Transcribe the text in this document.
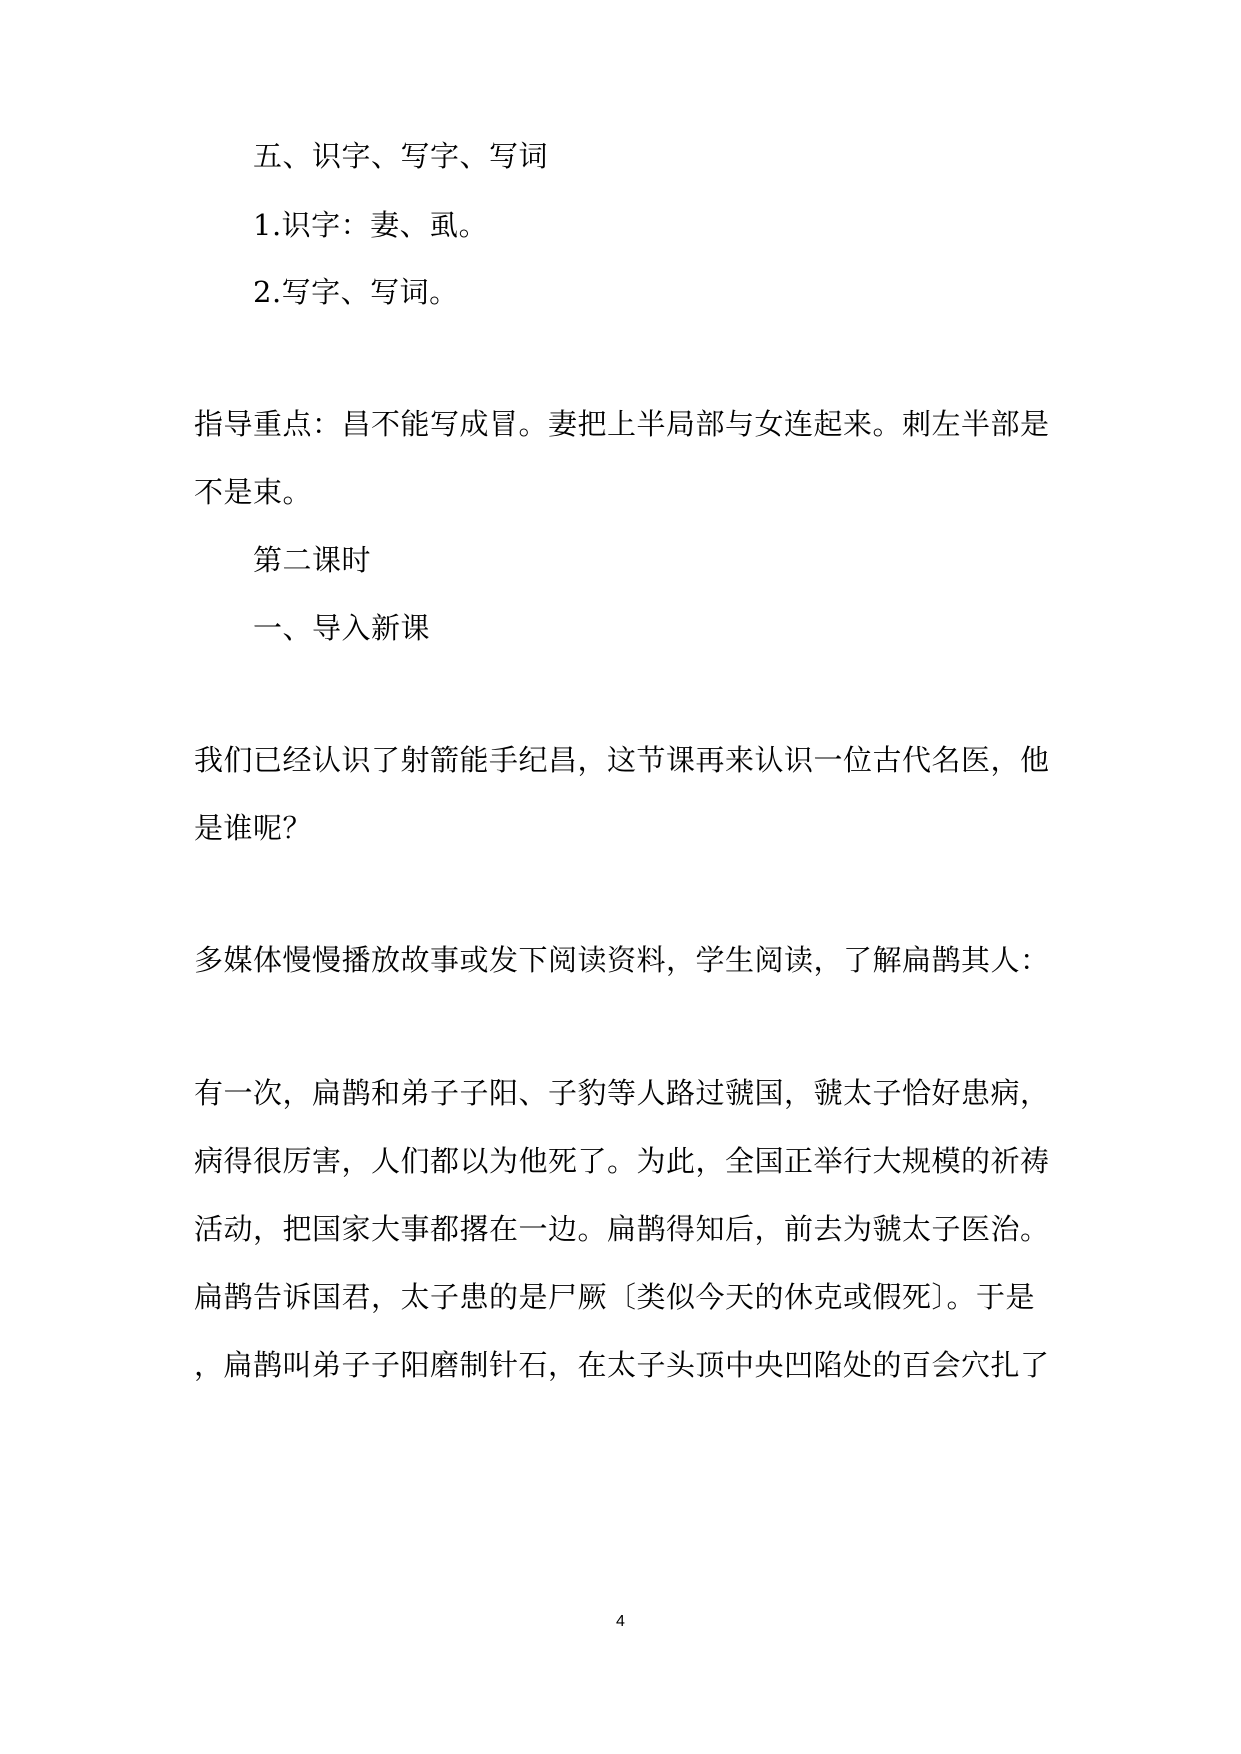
五、识字、写字、写词
1.识字：妻、虱。
2.写字、写词。
指导重点：昌不能写成冒。妻把上半局部与女连起来。刺左半部是
不是束。
第二课时
一、导入新课
我们已经认识了射箭能手纪昌，这节课再来认识一位古代名医，他
是谁呢？
多媒体慢慢播放故事或发下阅读资料，学生阅读，了解扁鹊其人：
有一次，扁鹊和弟子子阳、子豹等人路过虢国，虢太子恰好患病，
病得很厉害，人们都以为他死了。为此，全国正举行大规模的祈祷
活动，把国家大事都撂在一边。扁鹊得知后，前去为虢太子医治。
扁鹊告诉国君，太子患的是尸厥〔类似今天的休克或假死〕。于是
，扁鹊叫弟子子阳磨制针石，在太子头顶中央凹陷处的百会穴扎了
4
